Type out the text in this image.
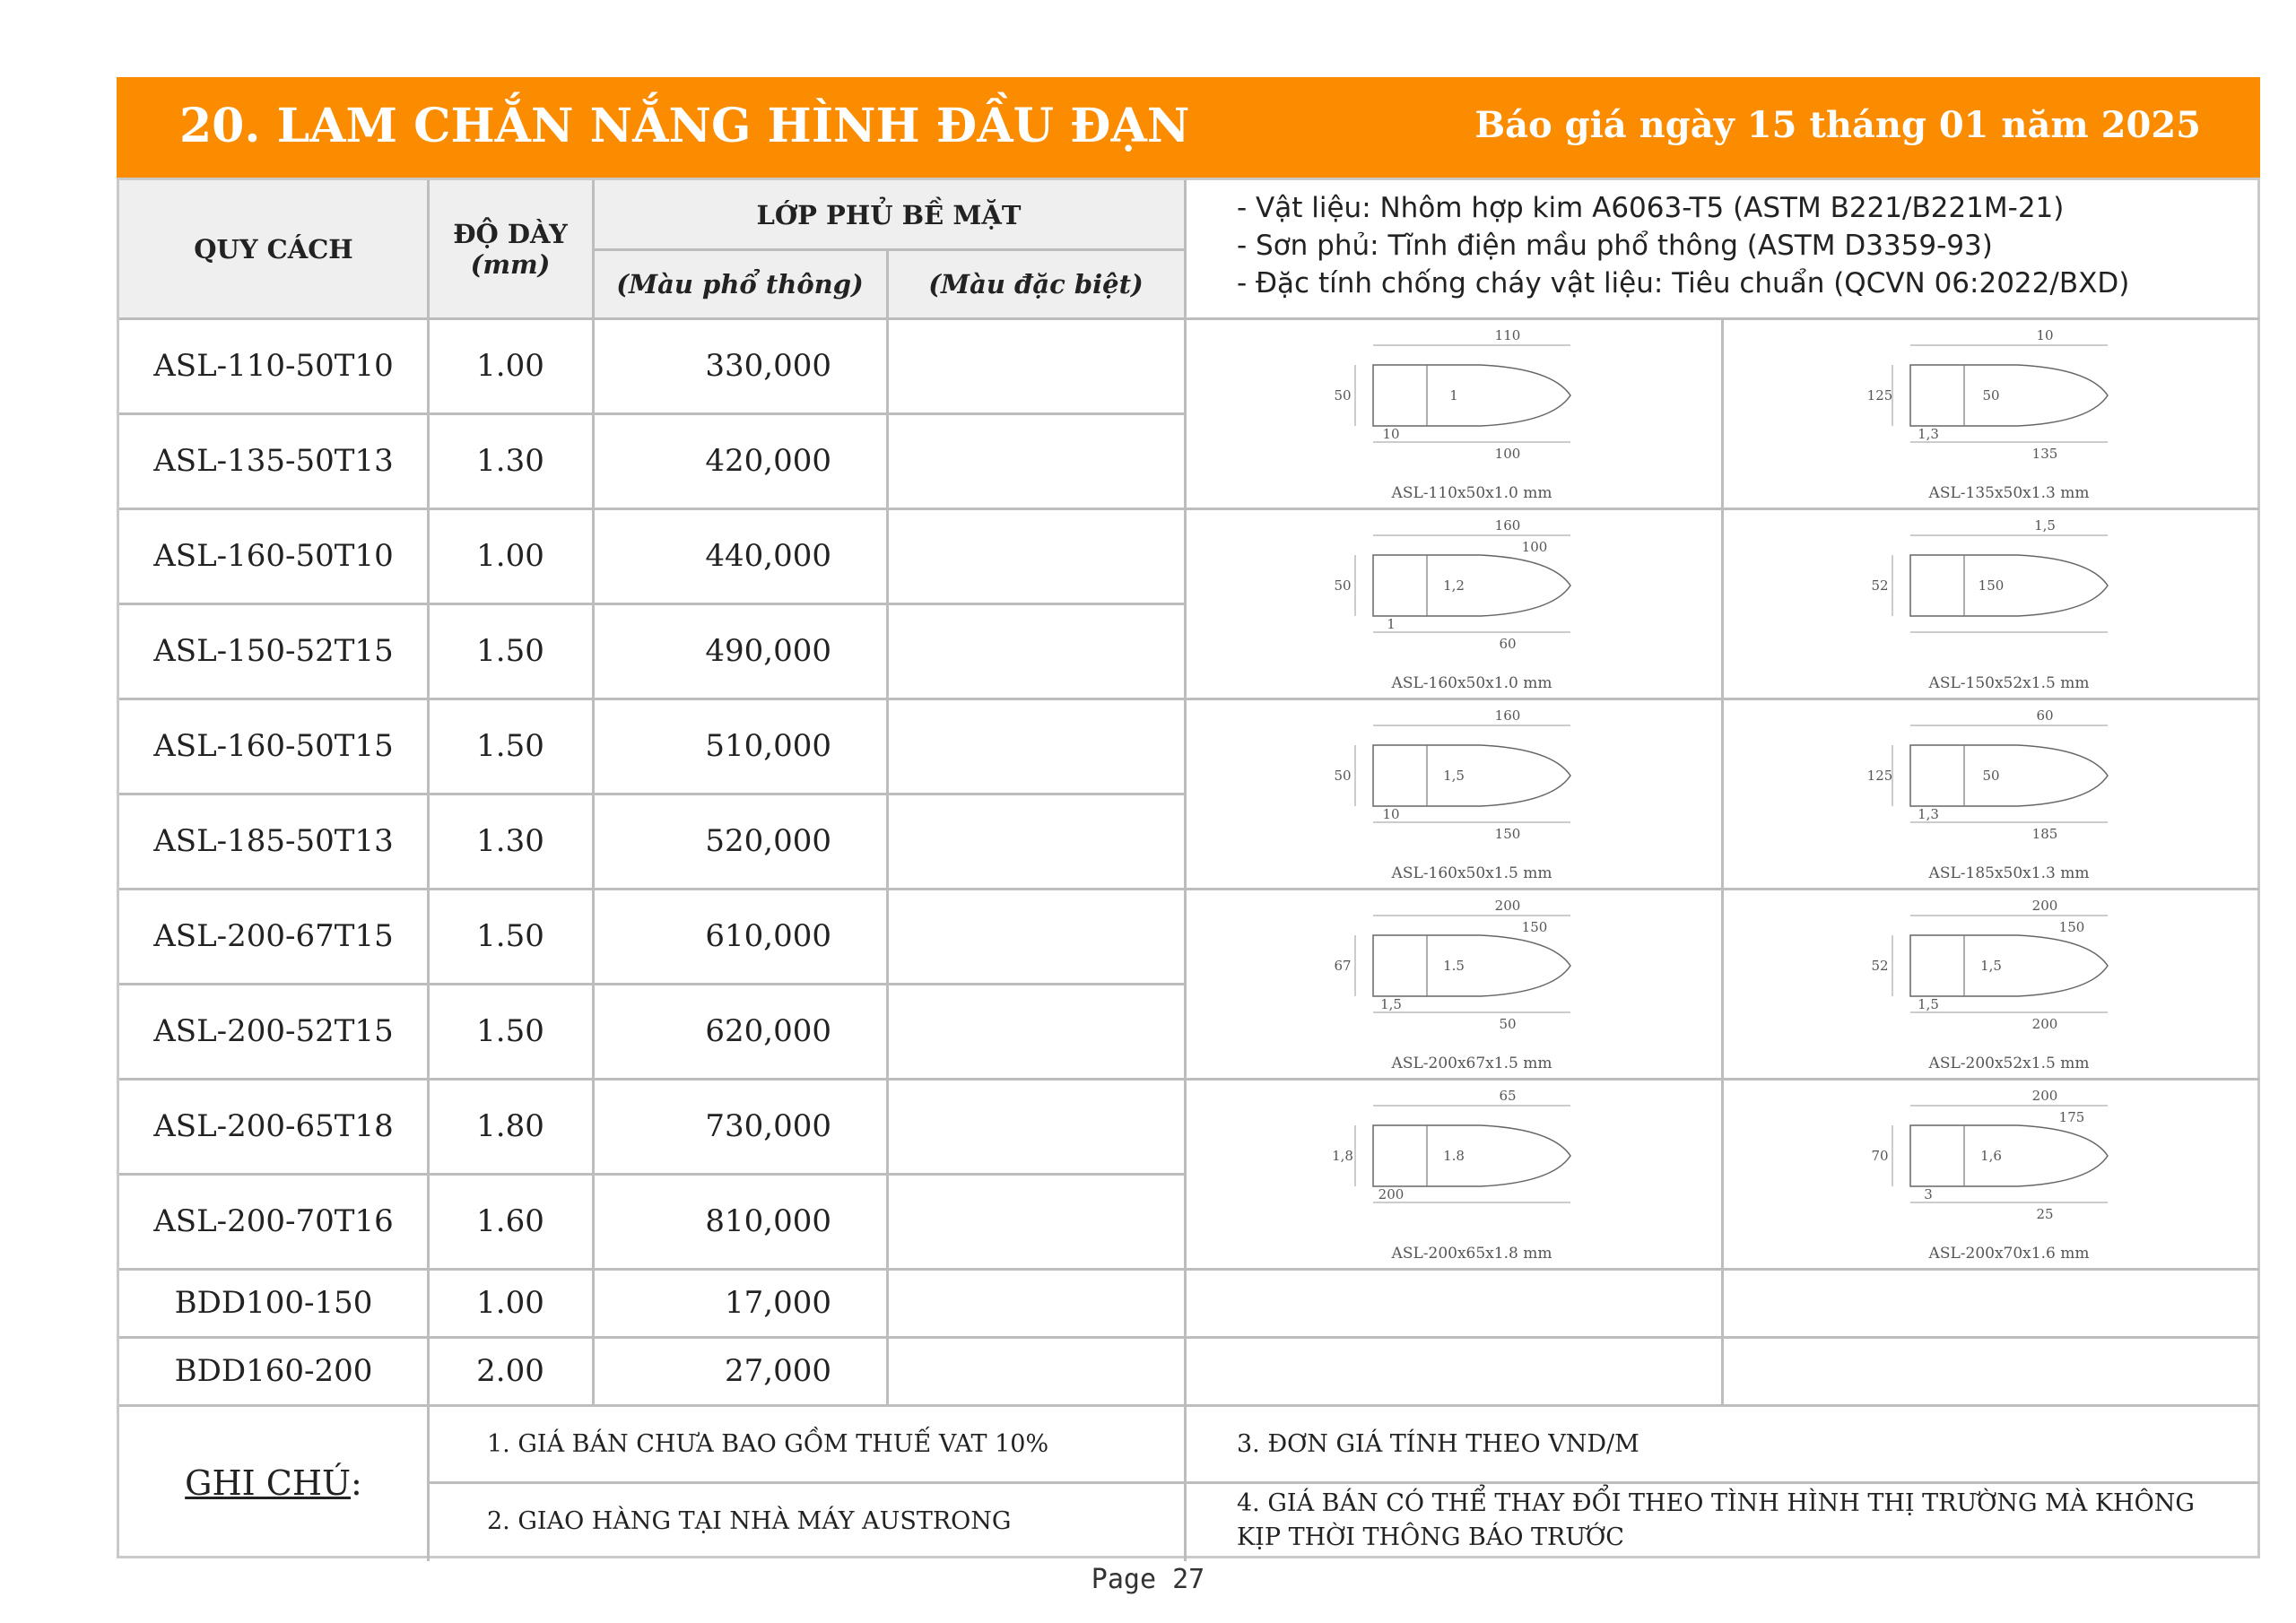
20. LAM CHẮN NẮNG HÌNH ĐẦU ĐẠN	Báo giá ngày 15 tháng 01 năm 2025
QUY CÁCH	ĐỘ DÀY
(mm)
LỚP PHỦ BỀ MẶT
(Màu phổ thông)	(Màu đặc biệt)
- Vật liệu: Nhôm hợp kim A6063-T5 (ASTM B221/B221M-21)
- Sơn phủ: Tĩnh điện mầu phổ thông (ASTM D3359-93)
- Đặc tính chống cháy vật liệu: Tiêu chuẩn (QCVN 06:2022/BXD)
ASL-110-50T10	1.00	330,000
ASL-135-50T13	1.30	420,000
ASL-160-50T10	1.00	440,000
ASL-150-52T15	1.50	490,000
ASL-160-50T15	1.50	510,000
ASL-185-50T13	1.30	520,000
ASL-200-67T15	1.50	610,000
ASL-200-52T15	1.50	620,000
ASL-200-65T18	1.80	730,000
ASL-200-70T16	1.60	810,000
BDD100-150	1.00	17,000
BDD160-200	2.00	27,000
110
50	1
10
100
ASL-110x50x1.0 mm
10
125	50
1,3
135
ASL-135x50x1.3 mm
160
50	1,2
1
60
100
ASL-160x50x1.0 mm
1,5
52	150
ASL-150x52x1.5 mm
160
50	1,5
10
150
ASL-160x50x1.5 mm
60
125	50
1,3
185
ASL-185x50x1.3 mm
200
67	1.5
1,5
50
150
ASL-200x67x1.5 mm
200
52	1,5
1,5
200
150
ASL-200x52x1.5 mm
65
1,8	1.8
200
ASL-200x65x1.8 mm
200
70	1,6
3
25
175
ASL-200x70x1.6 mm
GHI CHÚ :
1. GIÁ BÁN CHƯA BAO GỒM THUẾ VAT 10%
2. GIAO HÀNG TẠI NHÀ MÁY AUSTRONG
3. ĐƠN GIÁ TÍNH THEO VND/M
4. GIÁ BÁN CÓ THỂ THAY ĐỔI THEO TÌNH HÌNH THỊ TRƯỜNG MÀ KHÔNG KỊP THỜI THÔNG BÁO TRƯỚC
Page 27
